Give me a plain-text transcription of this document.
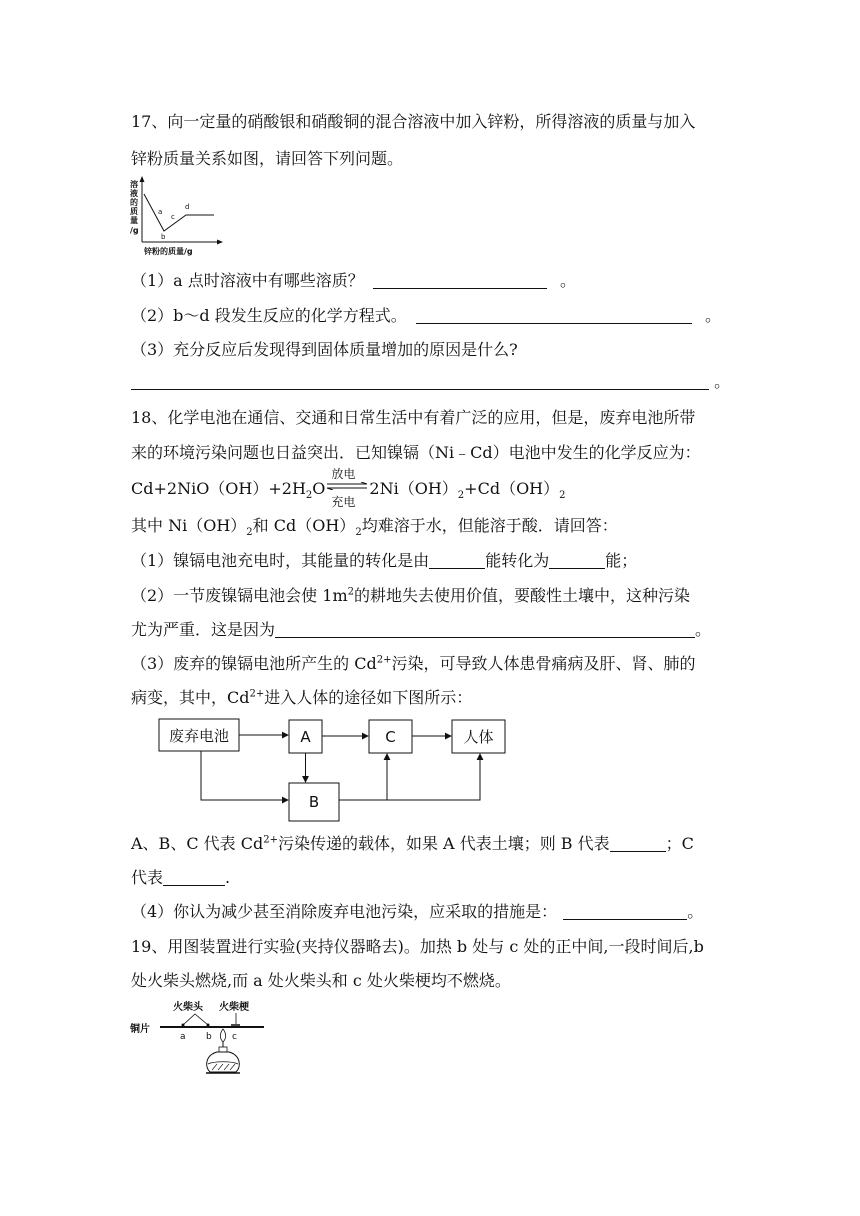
17、向一定量的硝酸银和硝酸铜的混合溶液中加入锌粉，所得溶液的质量与加入
锌粉质量关系如图，请回答下列问题。
溶
液
的
质
量
/g
a
b
c
d
锌粉的质量/g
（1）a 点时溶液中有哪些溶质？	。
（2）b～d 段发生反应的化学方程式。	。
（3）充分反应后发现得到固体质量增加的原因是什么?
。
18、化学电池在通信、交通和日常生活中有着广泛的应用，但是，废弃电池所带
来的环境污染问题也日益突出．已知镍镉（Ni﹣Cd）电池中发生的化学反应为：
$Cd+2NiO(OH)+2H_2O$
放电
充电
$2Ni(OH)_2+Cd(OH)_2$
其中 $Ni(OH)_2$和 $Cd(OH)_2$均难溶于水，但能溶于酸．请回答：
（1）镍镉电池充电时，其能量的转化是由	能转化为	能；
（2）一节废镍镉电池会使 $1m^2$的耕地失去使用价值，要酸性土壤中，这种污染
尤为严重．这是因为	。
（3）废弃的镍镉电池所产生的 $Cd^{2+}$污染，可导致人体患骨痛病及肝、肾、肺的
病变，其中，$Cd^{2+}$进入人体的途径如下图所示：
废弃电池	A	C	人体
B
A、B、C 代表 $Cd^{2+}$污染传递的载体，如果 A 代表土壤；则 B 代表	；C
代表	.
（4）你认为减少甚至消除废弃电池污染，应采取的措施是：	。
19、用图装置进行实验(夹持仪器略去)。加热 b 处与 c 处的正中间,一段时间后,b
处火柴头燃烧,而 a 处火柴头和 c 处火柴梗均不燃烧。
火柴头 火柴梗
铜片
a b c
